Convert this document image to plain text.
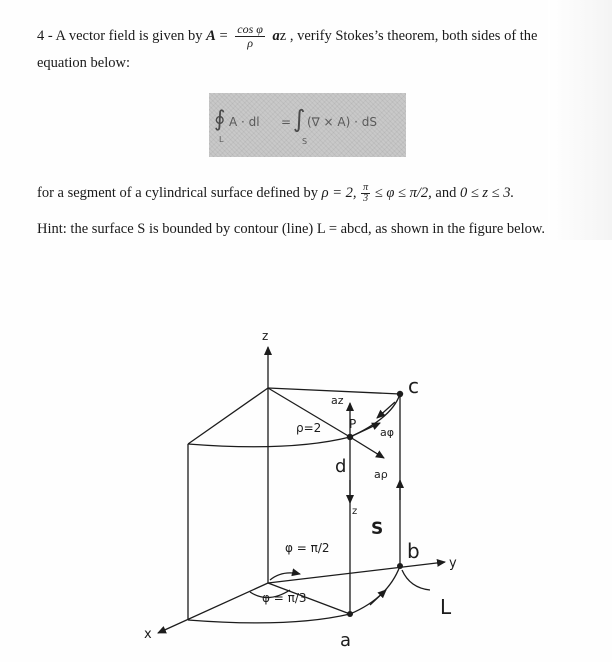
4 - A vector field is given by $A = \frac{\text{cos φ}}{\rho}$ az , verify Stokes’s theorem, both sides of the
equation below:
∮
L
A · dl = ∫
S
(∇ × A) · dS
for a segment of a cylindrical surface defined by ρ = 2, $\frac{\pi}{3} \le \varphi \le \pi/2$, and 0 ≤ z ≤ 3.
Hint: the surface S is bounded by contour (line) L = abcd, as shown in the figure below.
z
y
x
c
d
a
b
S
L
ρ=2 P
az
aφ
aρ
z
φ = π/2
φ = π/3
